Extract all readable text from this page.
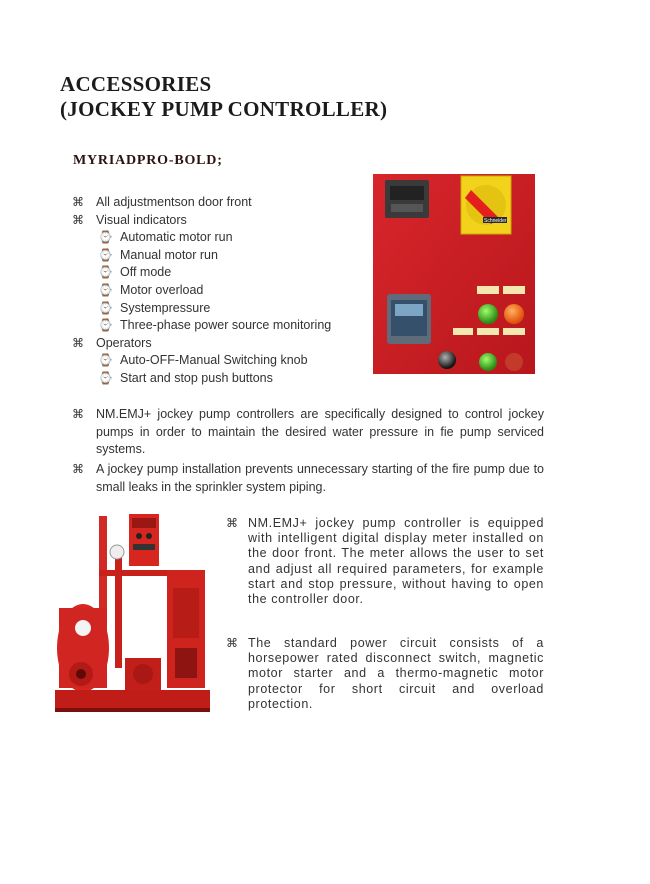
ACCESSORIES
(JOCKEY PUMP CONTROLLER)
MYRIADPRO-BOLD;
⌘ All adjustmentson door front
⌘ Visual indicators
⌚ Automatic motor run
⌚ Manual motor run
⌚ Off mode
⌚ Motor overload
⌚ Systempressure
⌚ Three-phase power source monitoring
⌘ Operators
⌚ Auto-OFF-Manual Switching knob
⌚ Start and stop push buttons
Schneider
⌘ NM.EMJ+ jockey pump controllers are specifically designed to control jockey pumps in order to maintain the desired water pressure in fie pump serviced systems.
⌘ A jockey pump installation prevents unnecessary starting of the fire pump due to small leaks in the sprinkler system piping.
⌘ NM.EMJ+ jockey pump controller is equipped with intelligent digital display meter installed on the door front. The meter allows the user to set and adjust all required parameters, for example start and stop pressure, without having to open the controller door.
⌘ The standard power circuit consists of a horsepower rated disconnect switch, magnetic motor starter and a thermo-magnetic motor protector for short circuit and overload protection.
